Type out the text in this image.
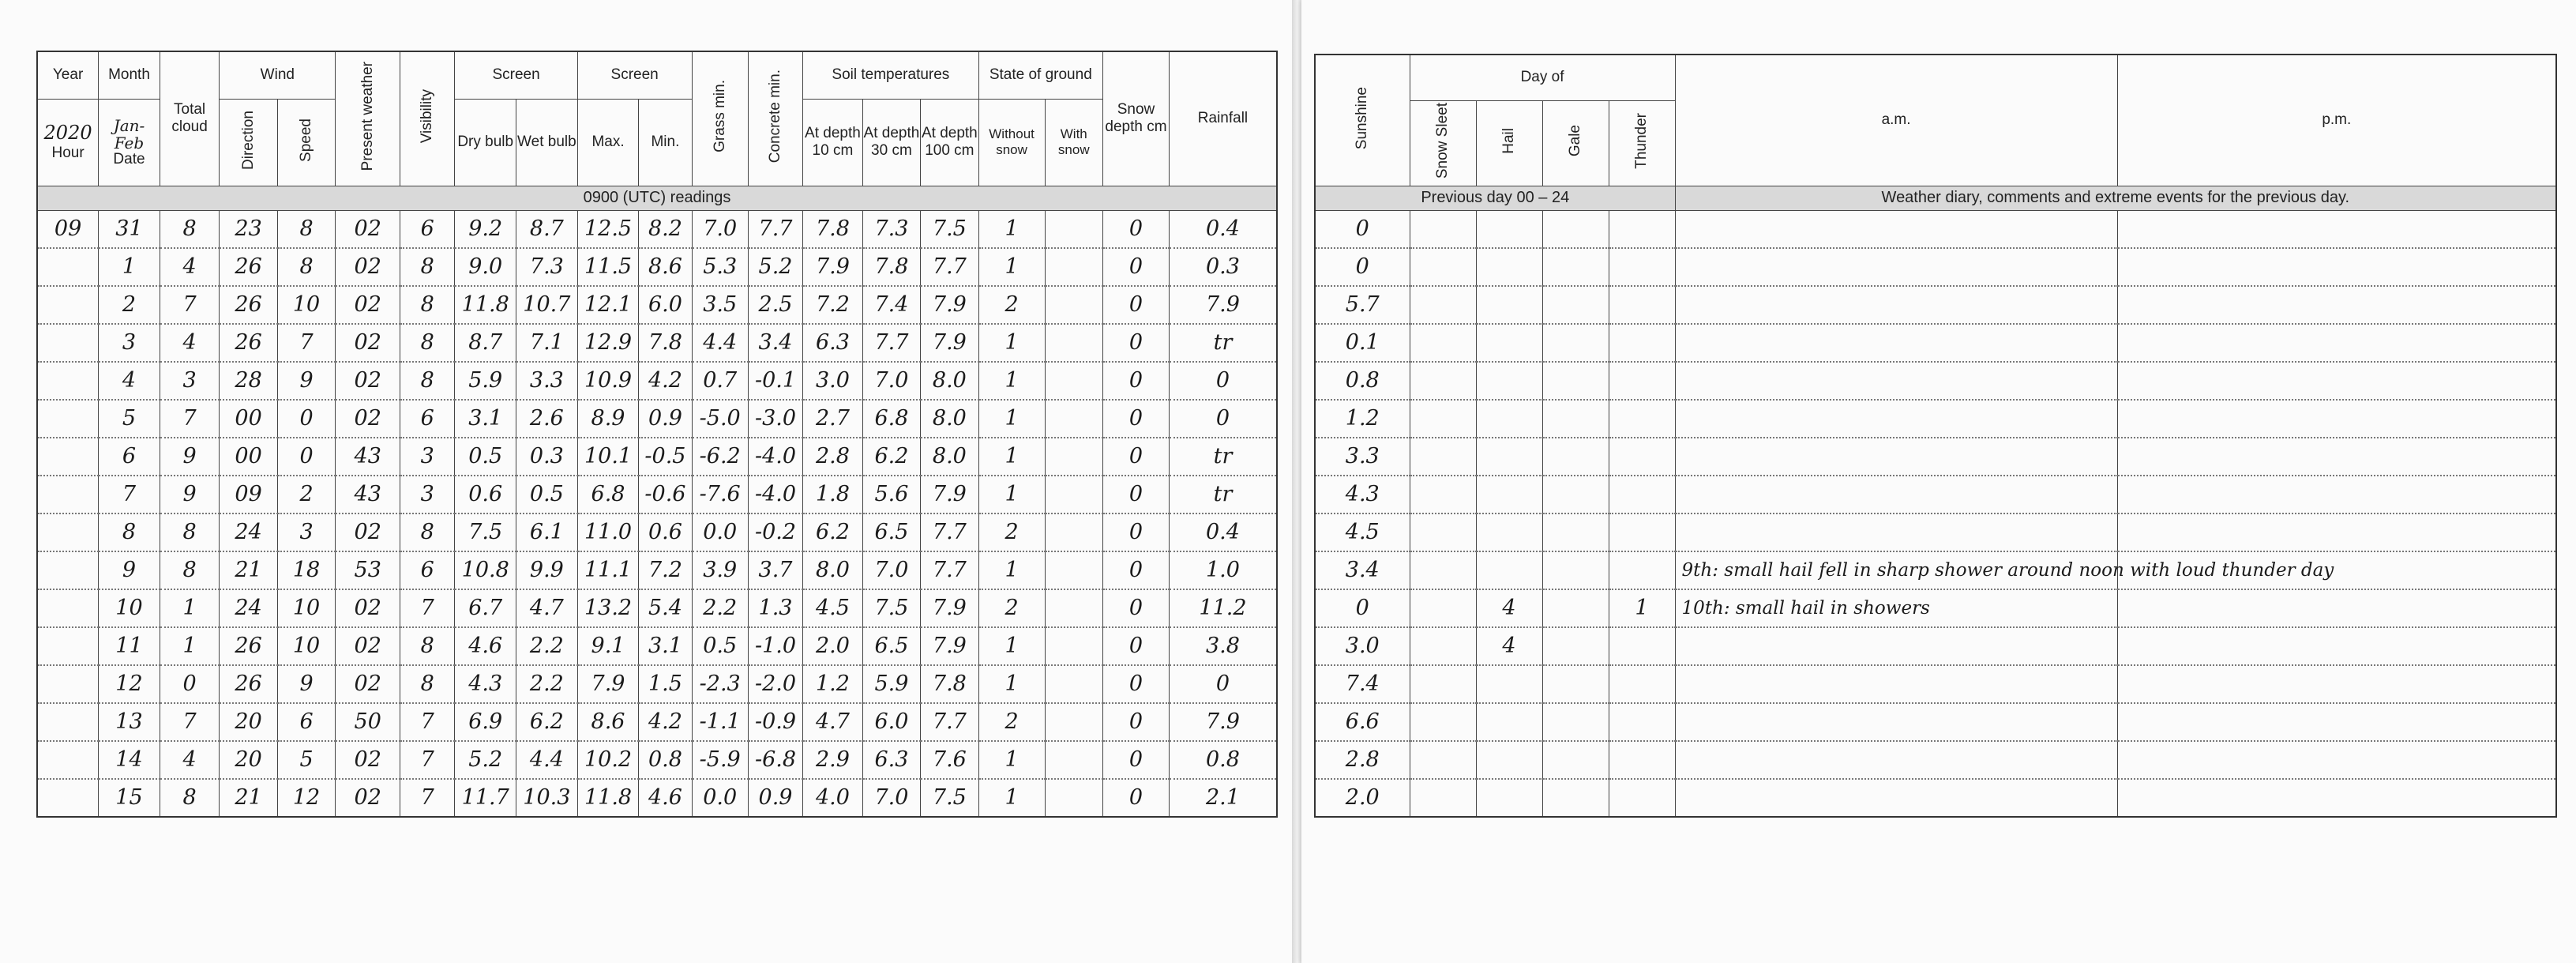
Year	Month	Total cloud	Wind		Present weather	Visibility	Screen		Screen		Grass min.	Concrete min.	Soil temperatures			State of ground		Snow depth cm	Rainfall

2020
Hour	Jan-Feb
Date		Direction	Speed			Dry bulb	Wet bulb	Max.	Min.			At depth 10 cm	At depth 30 cm	At depth 100 cm	Without snow	With snow		
0900 (UTC) readings																			
09	31	8	23	8	02	6	9.2	8.7	12.5	8.2	7.0	7.7	7.8	7.3	7.5	1		0	0.4
	1	4	26	8	02	8	9.0	7.3	11.5	8.6	5.3	5.2	7.9	7.8	7.7	1		0	0.3
	2	7	26	10	02	8	11.8	10.7	12.1	6.0	3.5	2.5	7.2	7.4	7.9	2		0	7.9
	3	4	26	7	02	8	8.7	7.1	12.9	7.8	4.4	3.4	6.3	7.7	7.9	1		0	tr
	4	3	28	9	02	8	5.9	3.3	10.9	4.2	0.7	-0.1	3.0	7.0	8.0	1		0	0
	5	7	00	0	02	6	3.1	2.6	8.9	0.9	-5.0	-3.0	2.7	6.8	8.0	1		0	0
	6	9	00	0	43	3	0.5	0.3	10.1	-0.5	-6.2	-4.0	2.8	6.2	8.0	1		0	tr
	7	9	09	2	43	3	0.6	0.5	6.8	-0.6	-7.6	-4.0	1.8	5.6	7.9	1		0	tr
	8	8	24	3	02	8	7.5	6.1	11.0	0.6	0.0	-0.2	6.2	6.5	7.7	2		0	0.4
	9	8	21	18	53	6	10.8	9.9	11.1	7.2	3.9	3.7	8.0	7.0	7.7	1		0	1.0
	10	1	24	10	02	7	6.7	4.7	13.2	5.4	2.2	1.3	4.5	7.5	7.9	2		0	11.2
	11	1	26	10	02	8	4.6	2.2	9.1	3.1	0.5	-1.0	2.0	6.5	7.9	1		0	3.8
	12	0	26	9	02	8	4.3	2.2	7.9	1.5	-2.3	-2.0	1.2	5.9	7.8	1		0	0
	13	7	20	6	50	7	6.9	6.2	8.6	4.2	-1.1	-0.9	4.7	6.0	7.7	2		0	7.9
	14	4	20	5	02	7	5.2	4.4	10.2	0.8	-5.9	-6.8	2.9	6.3	7.6	1		0	0.8
	15	8	21	12	02	7	11.7	10.3	11.8	4.6	0.0	0.9	4.0	7.0	7.5	1		0	2.1
Sunshine	Day of				a.m.	p.m.
	Snow Sleet	Hail	Gale	Thunder		
Previous day 00 – 24					Weather diary, comments and extreme events for the previous day.	
0						
0						
5.7						
0.1						
0.8						
1.2						
3.3						
4.3						
4.5						
3.4					9th: small hail fell in sharp shower around noon with loud thunder day	
0		4		1	10th: small hail in showers	
3.0		4				
7.4						
6.6						
2.8						
2.0						
